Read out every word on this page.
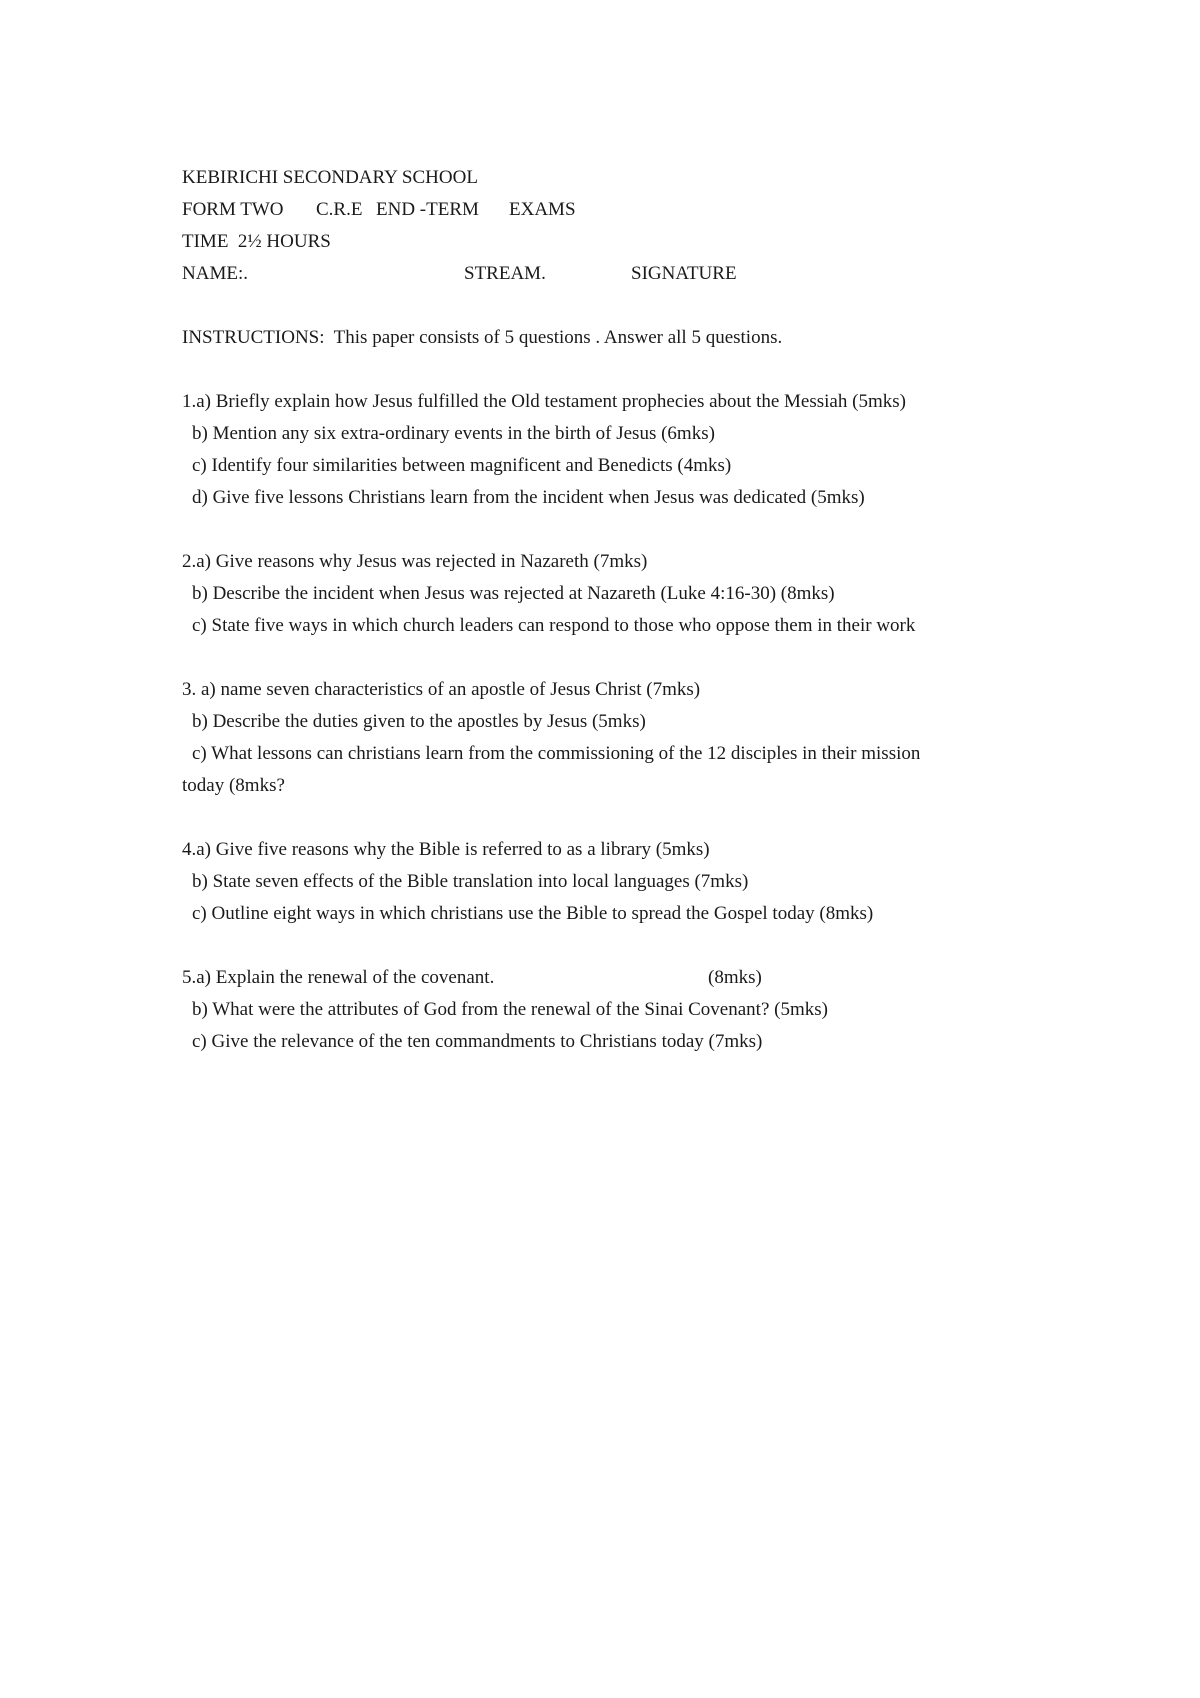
KEBIRICHI SECONDARY SCHOOL
FORM TWO	C.R.E END -TERM	EXAMS
TIME  2½ HOURS
NAME:.	STREAM.	SIGNATURE
INSTRUCTIONS:  This paper consists of 5 questions . Answer all 5 questions.
1.a) Briefly explain how Jesus fulfilled the Old testament prophecies about the Messiah (5mks)
b) Mention any six extra-ordinary events in the birth of Jesus (6mks)
c) Identify four similarities between magnificent and Benedicts (4mks)
d) Give five lessons Christians learn from the incident when Jesus was dedicated (5mks)
2.a) Give reasons why Jesus was rejected in Nazareth (7mks)
b) Describe the incident when Jesus was rejected at Nazareth (Luke 4:16-30) (8mks)
c) State five ways in which church leaders can respond to those who oppose them in their work
3. a) name seven characteristics of an apostle of Jesus Christ (7mks)
b) Describe the duties given to the apostles by Jesus (5mks)
c) What lessons can christians learn from the commissioning of the 12 disciples in their mission
today (8mks?
4.a) Give five reasons why the Bible is referred to as a library (5mks)
b) State seven effects of the Bible translation into local languages (7mks)
c) Outline eight ways in which christians use the Bible to spread the Gospel today (8mks)
5.a) Explain the renewal of the covenant.	(8mks)
b) What were the attributes of God from the renewal of the Sinai Covenant? (5mks)
c) Give the relevance of the ten commandments to Christians today (7mks)
